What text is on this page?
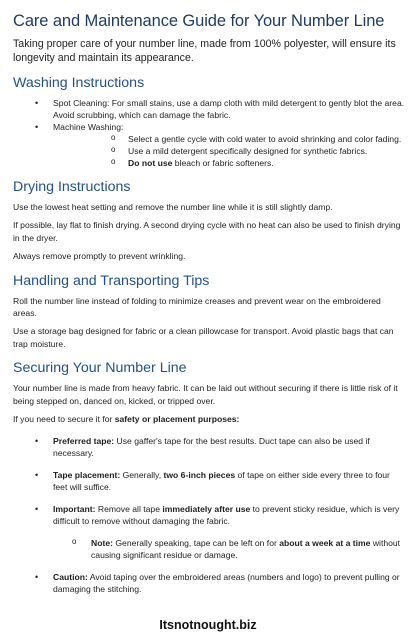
Care and Maintenance Guide for Your Number Line
Taking proper care of your number line, made from 100% polyester, will ensure its longevity and maintain its appearance.
Washing Instructions
• Spot Cleaning: For small stains, use a damp cloth with mild detergent to gently blot the area. Avoid scrubbing, which can damage the fabric.
• Machine Washing:
o Select a gentle cycle with cold water to avoid shrinking and color fading.
o Use a mild detergent specifically designed for synthetic fabrics.
o Do not use bleach or fabric softeners.
Drying Instructions

Use the lowest heat setting and remove the number line while it is still slightly damp.

If possible, lay flat to finish drying. A second drying cycle with no heat can also be used to finish drying in the dryer.

Always remove promptly to prevent wrinkling.

Handling and Transporting Tips

Roll the number line instead of folding to minimize creases and prevent wear on the embroidered areas.

Use a storage bag designed for fabric or a clean pillowcase for transport. Avoid plastic bags that can trap moisture.

Securing Your Number Line

Your number line is made from heavy fabric. It can be laid out without securing if there is little risk of it being stepped on, danced on, kicked, or tripped over.

If you need to secure it for safety or placement purposes:

• Preferred tape: Use gaffer's tape for the best results. Duct tape can also be used if necessary.
• Tape placement: Generally, two 6-inch pieces of tape on either side every three to four feet will suffice.
• Important: Remove all tape immediately after use to prevent sticky residue, which is very difficult to remove without damaging the fabric.
o Note: Generally speaking, tape can be left on for about a week at a time without causing significant residue or damage.
• Caution: Avoid taping over the embroidered areas (numbers and logo) to prevent pulling or damaging the stitching.
Itsnotnought.biz
